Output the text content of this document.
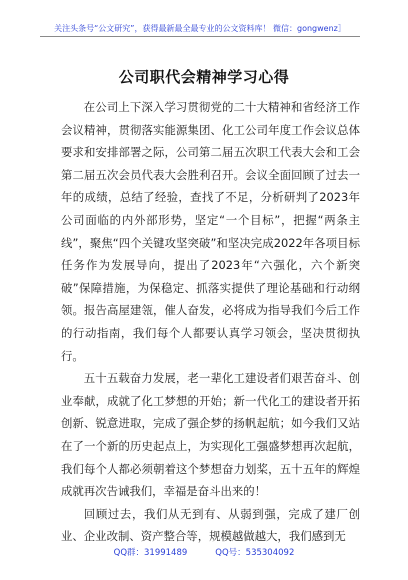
关注头条号“公文研究”，获得最新最全最专业的公文资料库！ 微信：gongwenz］
公司职代会精神学习心得

在公司上下深入学习贯彻党的二十大精神和省经济工作会议精神，贯彻落实能源集团、化工公司年度工作会议总体要求和安排部署之际，公司第二届五次职工代表大会和工会第二届五次会员代表大会胜利召开。会议全面回顾了过去一年的成绩，总结了经验，查找了不足，分析研判了2023年公司面临的内外部形势，坚定“一个目标”，把握“两条主线”，聚焦“四个关键攻坚突破”和坚决完成2022年各项目标任务作为发展导向，提出了2023年“六强化，六个新突破”保障措施，为保稳定、抓落实提供了理论基础和行动纲领。报告高屋建瓴，催人奋发，必将成为指导我们今后工作的行动指南，我们每个人都要认真学习领会，坚决贯彻执行。

五十五载奋力发展，老一辈化工建设者们艰苦奋斗、创业奉献，成就了化工梦想的开始；新一代化工的建设者开拓创新、锐意进取，完成了强企梦的扬帆起航；如今我们又站在了一个新的历史起点上，为实现化工强盛梦想再次起航，我们每个人都必须朝着这个梦想奋力划桨，五十五年的辉煌成就再次告诫我们，幸福是奋斗出来的！

回顾过去，我们从无到有、从弱到强，完成了建厂创业、企业改制、资产整合等，规模越做越大，我们感到无

QQ群：31991489	QQ号：535304092
